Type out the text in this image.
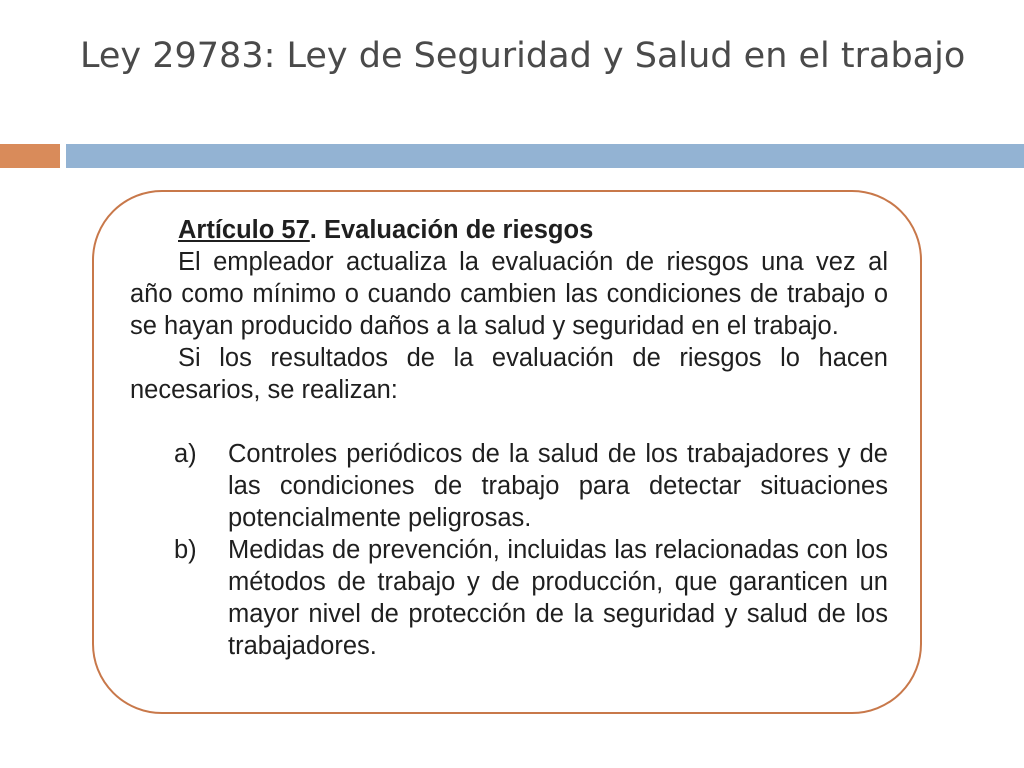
Ley 29783: Ley de Seguridad y Salud en el trabajo

Artículo 57. Evaluación de riesgos

El empleador actualiza la evaluación de riesgos una vez al año como mínimo o cuando cambien las condiciones de trabajo o se hayan producido daños a la salud y seguridad en el trabajo.

Si los resultados de la evaluación de riesgos lo hacen necesarios, se realizan:

a)	Controles periódicos de la salud de los trabajadores y de las condiciones de trabajo para detectar situaciones potencialmente peligrosas.
b)	Medidas de prevención, incluidas las relacionadas con los métodos de trabajo y de producción, que garanticen un mayor nivel de protección de la seguridad y salud de los trabajadores.
